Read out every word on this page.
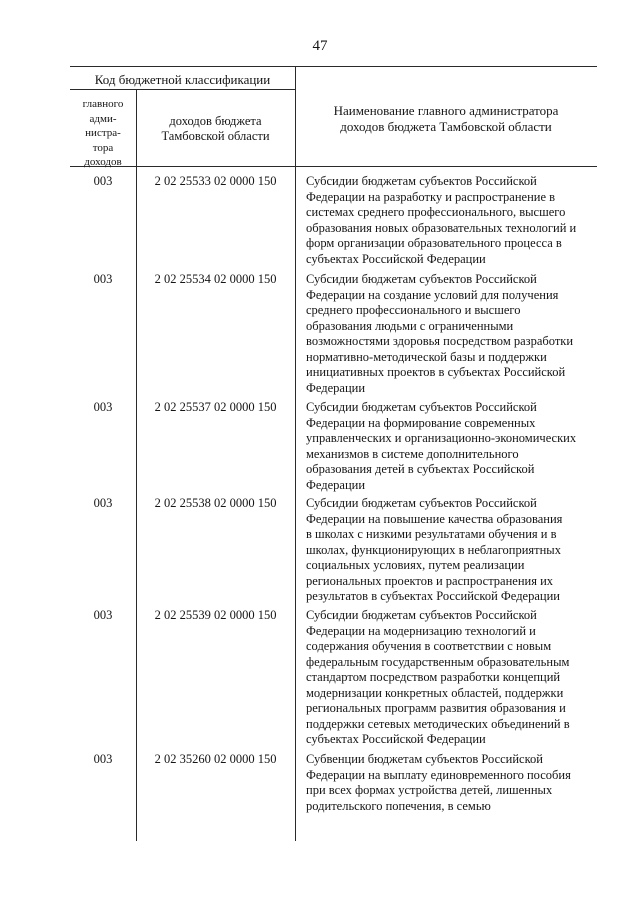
47
Код бюджетной классификации
главного адми-
нистра-
тора
доходов
доходов бюджета
Тамбовской области
Наименование главного администратора
доходов бюджета Тамбовской области
003	2 02 25533 02 0000 150	Субсидии бюджетам субъектов Российской
Федерации на разработку и распространение в
системах среднего профессионального, высшего
образования новых образовательных технологий и
форм организации образовательного процесса в
субъектах Российской Федерации
003	2 02 25534 02 0000 150	Субсидии бюджетам субъектов Российской
Федерации на создание условий для получения
среднего профессионального и высшего
образования людьми с ограниченными
возможностями здоровья посредством разработки
нормативно-методической базы и поддержки
инициативных проектов в субъектах Российской
Федерации
003	2 02 25537 02 0000 150	Субсидии бюджетам субъектов Российской
Федерации на формирование современных
управленческих и организационно-экономических
механизмов в системе дополнительного
образования детей в субъектах Российской
Федерации
003	2 02 25538 02 0000 150	Субсидии бюджетам субъектов Российской
Федерации на повышение качества образования
в школах с низкими результатами обучения и в
школах, функционирующих в неблагоприятных
социальных условиях, путем реализации
региональных проектов и распространения их
результатов в субъектах Российской Федерации
003	2 02 25539 02 0000 150	Субсидии бюджетам субъектов Российской
Федерации на модернизацию технологий и
содержания обучения в соответствии с новым
федеральным государственным образовательным
стандартом посредством разработки концепций
модернизации конкретных областей, поддержки
региональных программ развития образования и
поддержки сетевых методических объединений в
субъектах Российской Федерации
003	2 02 35260 02 0000 150	Субвенции бюджетам субъектов Российской
Федерации на выплату единовременного пособия
при всех формах устройства детей, лишенных
родительского попечения, в семью
